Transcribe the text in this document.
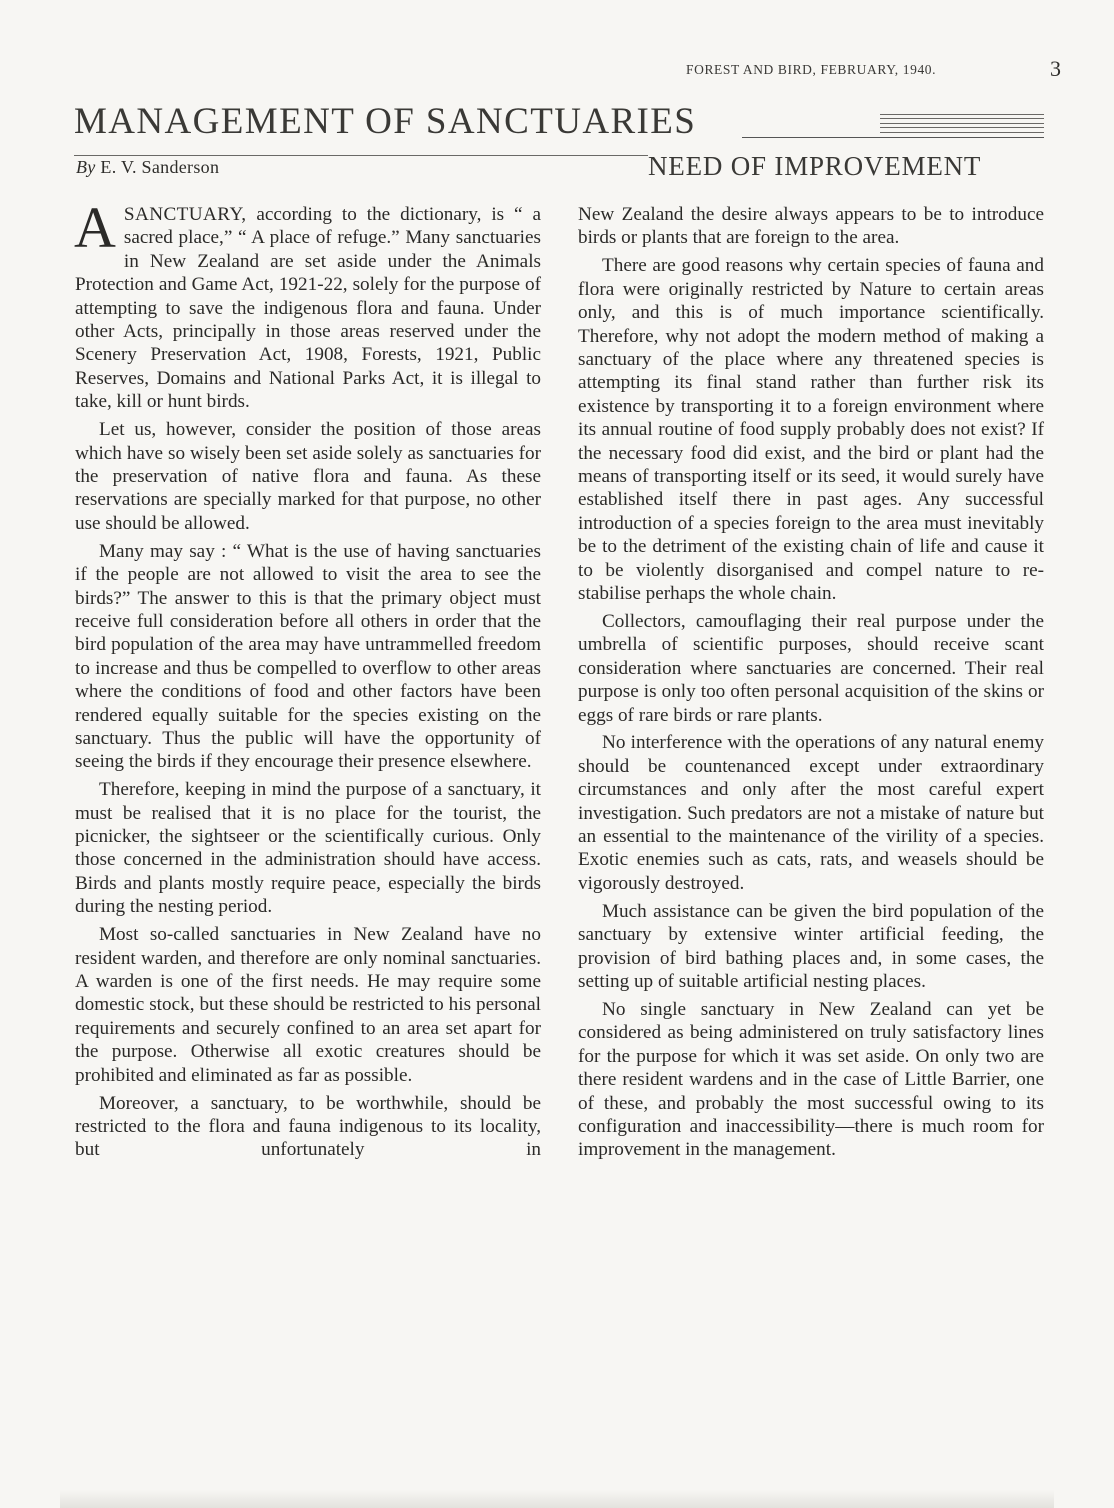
FOREST AND BIRD, FEBRUARY, 1940.	3
MANAGEMENT OF SANCTUARIES
By E. V. Sanderson	NEED OF IMPROVEMENT

A SANCTUARY, according to the dictionary, is “ a sacred place,” “ A place of refuge.” Many sanctuaries in New Zealand are set aside under the Animals Protection and Game Act, 1921-22, solely for the purpose of attempting to save the indigenous flora and fauna. Under other Acts, principally in those areas reserved under the Scenery Preservation Act, 1908, Forests, 1921, Public Reserves, Domains and National Parks Act, it is illegal to take, kill or hunt birds.

Let us, however, consider the position of those areas which have so wisely been set aside solely as sanctuaries for the preservation of native flora and fauna. As these reservations are specially marked for that purpose, no other use should be allowed.

Many may say : “ What is the use of having sanctuaries if the people are not allowed to visit the area to see the birds?” The answer to this is that the primary object must receive full consideration before all others in order that the bird population of the area may have untrammelled freedom to increase and thus be compelled to overflow to other areas where the conditions of food and other factors have been rendered equally suitable for the species existing on the sanctuary. Thus the public will have the opportunity of seeing the birds if they encourage their presence elsewhere.

Therefore, keeping in mind the purpose of a sanctuary, it must be realised that it is no place for the tourist, the picnicker, the sightseer or the scientifically curious. Only those concerned in the administration should have access. Birds and plants mostly require peace, especially the birds during the nesting period.

Most so-called sanctuaries in New Zealand have no resident warden, and therefore are only nominal sanctuaries. A warden is one of the first needs. He may require some domestic stock, but these should be restricted to his personal requirements and securely confined to an area set apart for the purpose. Otherwise all exotic creatures should be prohibited and eliminated as far as possible.

Moreover, a sanctuary, to be worthwhile, should be restricted to the flora and fauna indigenous to its locality, but unfortunately in

New Zealand the desire always appears to be to introduce birds or plants that are foreign to the area.

There are good reasons why certain species of fauna and flora were originally restricted by Nature to certain areas only, and this is of much importance scientifically. Therefore, why not adopt the modern method of making a sanctuary of the place where any threatened species is attempting its final stand rather than further risk its existence by transporting it to a foreign environment where its annual routine of food supply probably does not exist? If the necessary food did exist, and the bird or plant had the means of transporting itself or its seed, it would surely have established itself there in past ages. Any successful introduction of a species foreign to the area must inevitably be to the detriment of the existing chain of life and cause it to be violently disorganised and compel nature to re-stabilise perhaps the whole chain.

Collectors, camouflaging their real purpose under the umbrella of scientific purposes, should receive scant consideration where sanctuaries are concerned. Their real purpose is only too often personal acquisition of the skins or eggs of rare birds or rare plants.

No interference with the operations of any natural enemy should be countenanced except under extraordinary circumstances and only after the most careful expert investigation. Such predators are not a mistake of nature but an essential to the maintenance of the virility of a species. Exotic enemies such as cats, rats, and weasels should be vigorously destroyed.

Much assistance can be given the bird population of the sanctuary by extensive winter artificial feeding, the provision of bird bathing places and, in some cases, the setting up of suitable artificial nesting places.

No single sanctuary in New Zealand can yet be considered as being administered on truly satisfactory lines for the purpose for which it was set aside. On only two are there resident wardens and in the case of Little Barrier, one of these, and probably the most successful owing to its configuration and inaccessibility—there is much room for improvement in the management.
